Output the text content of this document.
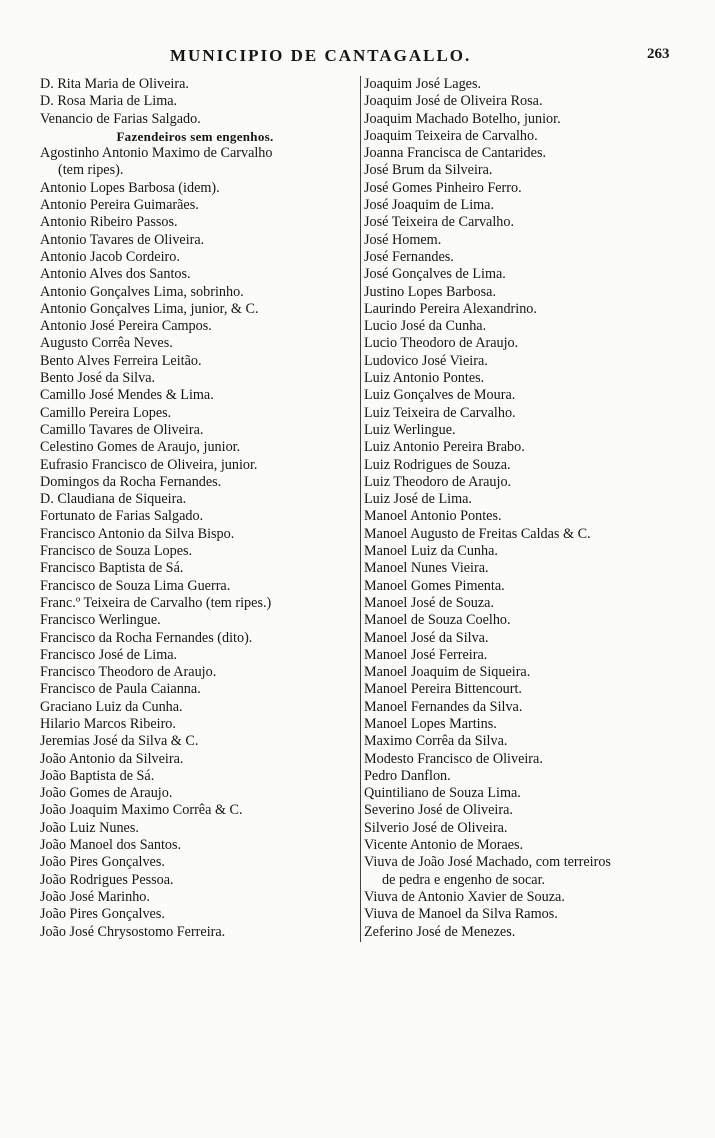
MUNICIPIO DE CANTAGALLO.	263
D. Rita Maria de Oliveira.
D. Rosa Maria de Lima.
Venancio de Farias Salgado.
Fazendeiros sem engenhos.
Agostinho Antonio Maximo de Carvalho
(tem ripes).
Antonio Lopes Barbosa (idem).
Antonio Pereira Guimarães.
Antonio Ribeiro Passos.
Antonio Tavares de Oliveira.
Antonio Jacob Cordeiro.
Antonio Alves dos Santos.
Antonio Gonçalves Lima, sobrinho.
Antonio Gonçalves Lima, junior, & C.
Antonio José Pereira Campos.
Augusto Corrêa Neves.
Bento Alves Ferreira Leitão.
Bento José da Silva.
Camillo José Mendes & Lima.
Camillo Pereira Lopes.
Camillo Tavares de Oliveira.
Celestino Gomes de Araujo, junior.
Eufrasio Francisco de Oliveira, junior.
Domingos da Rocha Fernandes.
D. Claudiana de Siqueira.
Fortunato de Farias Salgado.
Francisco Antonio da Silva Bispo.
Francisco de Souza Lopes.
Francisco Baptista de Sá.
Francisco de Souza Lima Guerra.
Franc.º Teixeira de Carvalho (tem ripes.)
Francisco Werlingue.
Francisco da Rocha Fernandes (dito).
Francisco José de Lima.
Francisco Theodoro de Araujo.
Francisco de Paula Caianna.
Graciano Luiz da Cunha.
Hilario Marcos Ribeiro.
Jeremias José da Silva & C.
João Antonio da Silveira.
João Baptista de Sá.
João Gomes de Araujo.
João Joaquim Maximo Corrêa & C.
João Luiz Nunes.
João Manoel dos Santos.
João Pires Gonçalves.
João Rodrigues Pessoa.
João José Marinho.
João Pires Gonçalves.
João José Chrysostomo Ferreira.
Joaquim José Lages.
Joaquim José de Oliveira Rosa.
Joaquim Machado Botelho, junior.
Joaquim Teixeira de Carvalho.
Joanna Francisca de Cantarides.
José Brum da Silveira.
José Gomes Pinheiro Ferro.
José Joaquim de Lima.
José Teixeira de Carvalho.
José Homem.
José Fernandes.
José Gonçalves de Lima.
Justino Lopes Barbosa.
Laurindo Pereira Alexandrino.
Lucio José da Cunha.
Lucio Theodoro de Araujo.
Ludovico José Vieira.
Luiz Antonio Pontes.
Luiz Gonçalves de Moura.
Luiz Teixeira de Carvalho.
Luiz Werlingue.
Luiz Antonio Pereira Brabo.
Luiz Rodrigues de Souza.
Luiz Theodoro de Araujo.
Luiz José de Lima.
Manoel Antonio Pontes.
Manoel Augusto de Freitas Caldas & C.
Manoel Luiz da Cunha.
Manoel Nunes Vieira.
Manoel Gomes Pimenta.
Manoel José de Souza.
Manoel de Souza Coelho.
Manoel José da Silva.
Manoel José Ferreira.
Manoel Joaquim de Siqueira.
Manoel Pereira Bittencourt.
Manoel Fernandes da Silva.
Manoel Lopes Martins.
Maximo Corrêa da Silva.
Modesto Francisco de Oliveira.
Pedro Danflon.
Quintiliano de Souza Lima.
Severino José de Oliveira.
Silverio José de Oliveira.
Vicente Antonio de Moraes.
Viuva de João José Machado, com terreiros
de pedra e engenho de socar.
Viuva de Antonio Xavier de Souza.
Viuva de Manoel da Silva Ramos.
Zeferino José de Menezes.
